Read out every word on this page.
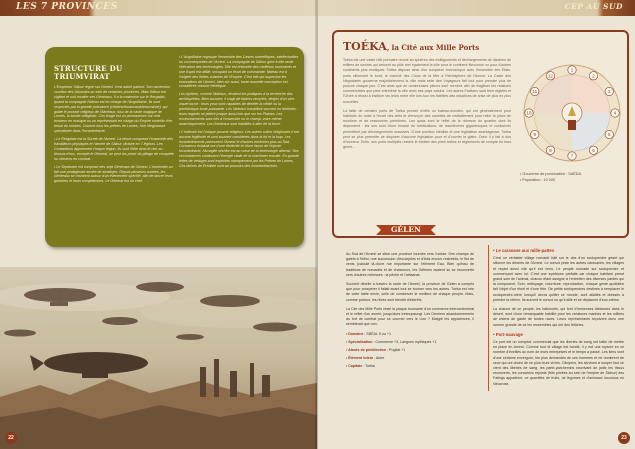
LES 7 PROVINCES
STRUCTURE DU TRIUMVIRAT

L'Empereur Sâlour règne sur l'Amesî. Il est adulé partout. Son ascension courtise des Jaloustes au sein de certaines provinces. Mais Sâlour est vigilant et suit rocalier ses Généraux. Il a la mainmise sur le Rergalais, quand la compagnie Nideau est en charge de l'Angolliaine. Ils sont respectés par la grande puissance (citoiens/louanvandriens/minhe), qui guide le pouvoir religieux de l'Alméaux, issu de la caste magique de Lomes, la tombe orléglistic. Ces tirage est un permanence car cela tombeur en masque ou un représentant en visage du Empire contrôle d'en tenue du tombes. Comme tous les prêtres de Lomes, l'ont Megistasse spécialisée dans l'Incantedracie.

• Le Rergalais est la Sûreté de l'Amesî. La tenue comprend l'ensemble des travailleurs physiques et l'armée de Sâlour, divisée en 7 légions. Les Contactions apprennent chaque légion. Ils sont l'élite ainsi et rien au-dessus d'eux, excepté le Général, ne peut les priver du pillage de conquête ou victoires en combat.

• Le Seplavoie est composé des sept Généraux de l'Amesî. L'ensemble un fait une prodigieuse armée de stratèges. Depuis plusieurs années, les Généraux se montrent autour d'un événement spécifié, afin de lancer leurs guerriers et leurs compétences. Le Général est un chef.

• L'Angolliaine regroupe l'ensemble des Castes scientifiques, intellectuelles ou commerçantes de l'Amesî. La compagnie de Sâlour gère à elle seule l'élévation des technologies. Elle est entourée des meilleurs honoraires et une Esprit est affilié, occupant un écart de commande. Nideau est à l'origine des flottes volantes de l'Empire. C'est elle qui supervise les innovations de l'Amesî, bien sûr aussi, toute nouvelle conception est considérée comme hérétique.

Les Apôtres, comme Nideaux, rêvaient les pratiques à la recherche des archiloprêtes. Bien souvent, il s'agit de fabrins zenyhés, dirigés d'un vers visuel ouvre : leurs yeux sont capables de déceler la vérité ou la paréidolique toute-puissante. Les Nideaux travaillent souvent en binômes : leurs regards se jettent jusque aussi loin que sur les Plaines. Les environnements sont nés à l'ensemble ou le champ, voire même anarchiquement. Les Généraux sont habilités à aller de la force.

• L'Indéuse est l'unique pouvoir religieux. Les autres cultes religieuses n'ont aucune légitimité et sont souvent considérés dans la foi et la loup. Les Incantedracents parcourent l'Amesî et d'autres territoires plus au Sud. Convaincu éclairait ont d'une étoilerité et d'une façon de l'injuste Incantedracie, l'Amagile séchée est au cœur de la technologie allemsî. Ses circonstances continuent l'énergie vitale de la machinen ensuite. En grande lettes de vestiges sont exploités manquement par les Prêtres de Lomes. Ces tâches de Érédiste sont au pouvoirs des Incantedracents.

22
CEP AU SUD
TOÉKA, la Cité aux Mille Ports

Toéka est une vaste ville portuaire réunie au sphères des châtiguments et déchargements de dizaines de milliers de navires qui arrivent au pôle réel également la ville pour le continent Néocrose ou pour d'autres continents plus exotiques. Toéka dispose ainsi d'un complexe économique avec l'ensemble des États-ports sillonnant le bord, le marché des Clous de la Mer à l'hémisphère de l'Amesî. La Caste des Négociants gouverne majoritairement la ville mais selle des Voyageurs fait tout pour prendre plus de pouvoir chaque jour. C'est ainsi que de nombreuses pièces sont menées afin de fragiliser les relations commerciales que peut entretenir la ville avec ses pays voisins. Les autres Factions sont bien réglées et l'Ordre a réussi à instituer les leurs entre elle lors tour les fidélités des situations de crise de plus en plus nouvelles.

La taille de certains ports de Toéka permet d'offrir un bateau-mondes, qui ont généralement pour habitude de noter à l'écart des cités et d'envoyer des navettes de ravitaillement pour relier la place de montiere et de ressources premières. Les quais sont le reflet de la richesse du quartier dont ils dépendent : les uns sont d'une beauté de fortifications, de machineries gigantesques et cordonnés permettent par déchargements massives. D'une position idéalise et une législation avantageuse, Toéka peut se plus permette de disposer d'aucune législation pour et d'ouvrier la glaire. Donc il y fait à dos d'honneur. Enfin, ses ports multiples restent le théâtre des pires trafics et règlements de compte en tous genre...

1
2
3
4
5
6
7
8
9
10
11
12
• Gouverne de ponctuation : SAÉDA.
• Population : 10 000
GÉLEN

Au Sud de l'Amesî se situe une province tournée vers l'océan. Des champs de galets à l'infini, une succession d'escarpées et d'îlots encore restreints, le flot de vents (calculé là-d'une rue importante sur l'élément Eau. Bien qu'issu de traditions de nomades et de chasseurs, les Gélènes avaient su se reconvertir vers d'autres richesses : la pêche et l'artisanat.

Souvent décrite à travers la route de l'Amesî, la province de Gélen a compris que pour prospérer il fallait avant tout se tourner vers les autres. Toéka est née de cette fable envie, celle de combercer le meilleur de chaque peuple. Mais, comme partout, les rêves sont bientôt d'intérêts.

La Cité des Mille Ports reste la plaque tournante d'un commerce intercontinental et le reflet d'un avenir, jusqu'alors tresoupsungi. Les Derniers abandonnements du fort de combat pour se courner vers le Lion ? Malgré les apparences, il semblerait que non.

• Domaine : SBÉAL 5 ou +1
• Spécialisation : Commerce +3, Langues mythiques +1
• Atouts de prédilection : Pugilat +1
• Élément totem : Autre
• Capitale : Toéka
• Le caravane aux mille-pattes

C'est un véritable village nomade bâti sur le dos d'un scolopendre géant qui sillonne les déserts de l'Amesî. Le convoi piste les autres caravanes, les villages et repart aussi vite qu'il est venu. Le peuple nomade sur scolopendre et commerçant avec lui. C'est une symbiose parfaite car chaque habitant prend grand soin de l'animal, chacun étant assigné à l'entretien des diverses parties qui la composent. Soin, nettoyage, nourriture, reproduction, chaque geste quotidien fait l'objet d'un rituel et d'une fête. De petits scolopendres destinés à remplacer le scolopendre-mère lorsqu'il devra quitter ce monde, sont allaités et dressés à prendre la relève. Ils suivent le convoi où qu'il aille et se déplacent d'eux-même.

La chance de ce peuple, les ballonnés, qui font d'immenses distances dans le désert, sont d'une remarquable habilité pour les créatures marines et les milliers de chiens de garde de toutes races. Leurs représentants reçoivent donc une rumeur grande de ce les ressembles qui ont des fétiches.

• Port-sauvage

Ce port est un comptoir commercial que les liberiés de sang ont bâtie de mettre en place en Amesî. Comme tout le village est bondé, il y eut une rupture en ce nombre d'éveillés au nom de leurs entreprises et le temps a passé. Les liens sont d'une certaine envergure, les plus demandés de ces hommes et ne nombrent de ceux qui ont choisi de ne plus leurs vivres. Citoyens, les services à usuper tout ce vient des liberiés de sang, les parte-parchemins inscrivant de jadis les tissus recouverts, les concubins rejoints (frits privées au sein de l'empire de Sâlour) des Fatings appartient, ce quantités de fruits, de légumes et d'animaux inconnus en Néocrose.

23
